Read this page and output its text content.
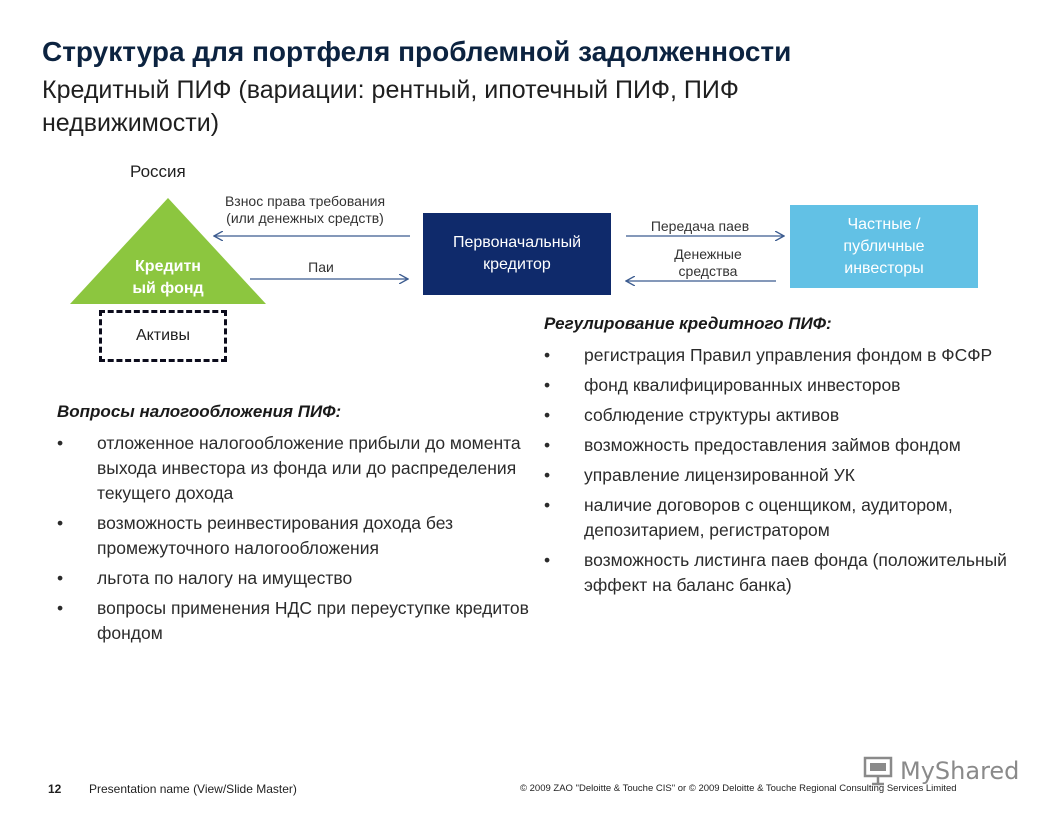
Структура для портфеля проблемной задолженности
Кредитный ПИФ (вариации: рентный, ипотечный ПИФ, ПИФ недвижимости)
Россия
Взнос права требования
(или денежных средств)
Паи
Передача паев
Денежные
средства
Кредитн
ый фонд
Активы
Первоначальный
кредитор
Частные /
публичные
инвесторы
Вопросы налогообложения ПИФ:
• отложенное налогообложение прибыли до момента выхода инвестора из фонда или до распределения текущего дохода
• возможность реинвестирования дохода без промежуточного налогообложения
• льгота по налогу на имущество
• вопросы применения НДС при переуступке кредитов фондом
Регулирование кредитного ПИФ:
• регистрация Правил управления фондом в ФСФР
• фонд квалифицированных инвесторов
• соблюдение структуры активов
• возможность предоставления займов фондом
• управление лицензированной УК
• наличие договоров с оценщиком, аудитором, депозитарием, регистратором
• возможность листинга паев фонда (положительный эффект на баланс банка)
12 Presentation name (View/Slide Master)	© 2009 ZAO "Deloitte & Touche CIS" or © 2009 Deloitte & Touche Regional Consulting Services Limited
MyShared
